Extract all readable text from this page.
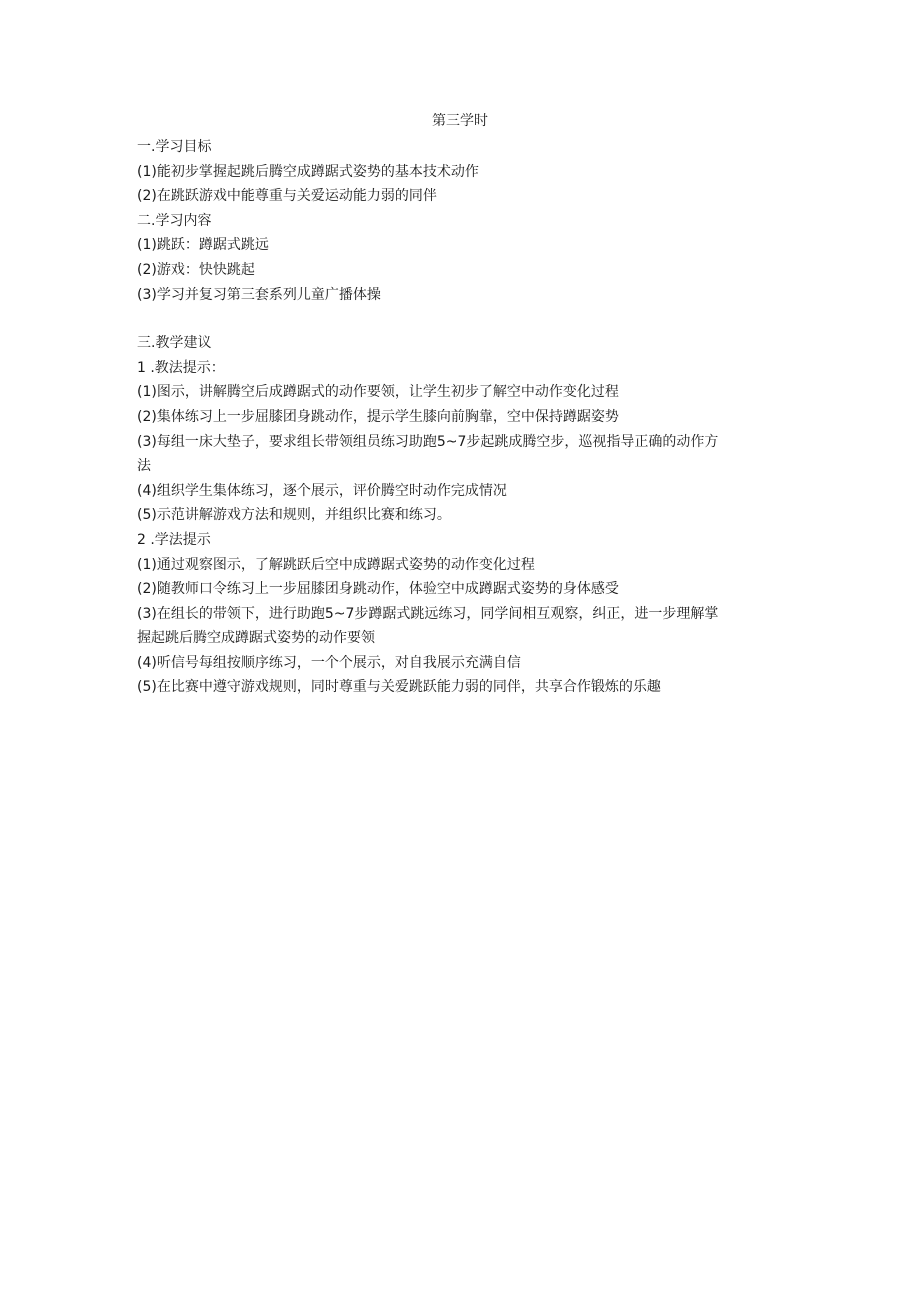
第三学时
一.学习目标
(1)能初步掌握起跳后腾空成蹲踞式姿势的基本技术动作
(2)在跳跃游戏中能尊重与关爱运动能力弱的同伴
二.学习内容
(1)跳跃：蹲踞式跳远
(2)游戏：快快跳起
(3)学习并复习第三套系列儿童广播体操
三.教学建议
1 .教法提示：
(1)图示，讲解腾空后成蹲踞式的动作要领，让学生初步了解空中动作变化过程
(2)集体练习上一步屈膝团身跳动作，提示学生膝向前胸靠，空中保持蹲踞姿势
(3)每组一床大垫子，要求组长带领组员练习助跑5~7步起跳成腾空步，巡视指导正确的动作方
法
(4)组织学生集体练习，逐个展示，评价腾空时动作完成情况
(5)示范讲解游戏方法和规则，并组织比赛和练习。
2 .学法提示
(1)通过观察图示，了解跳跃后空中成蹲踞式姿势的动作变化过程
(2)随教师口令练习上一步屈膝团身跳动作，体验空中成蹲踞式姿势的身体感受
(3)在组长的带领下，进行助跑5~7步蹲踞式跳远练习，同学间相互观察，纠正，进一步理解掌
握起跳后腾空成蹲踞式姿势的动作要领
(4)听信号每组按顺序练习，一个个展示，对自我展示充满自信
(5)在比赛中遵守游戏规则，同时尊重与关爱跳跃能力弱的同伴，共享合作锻炼的乐趣
